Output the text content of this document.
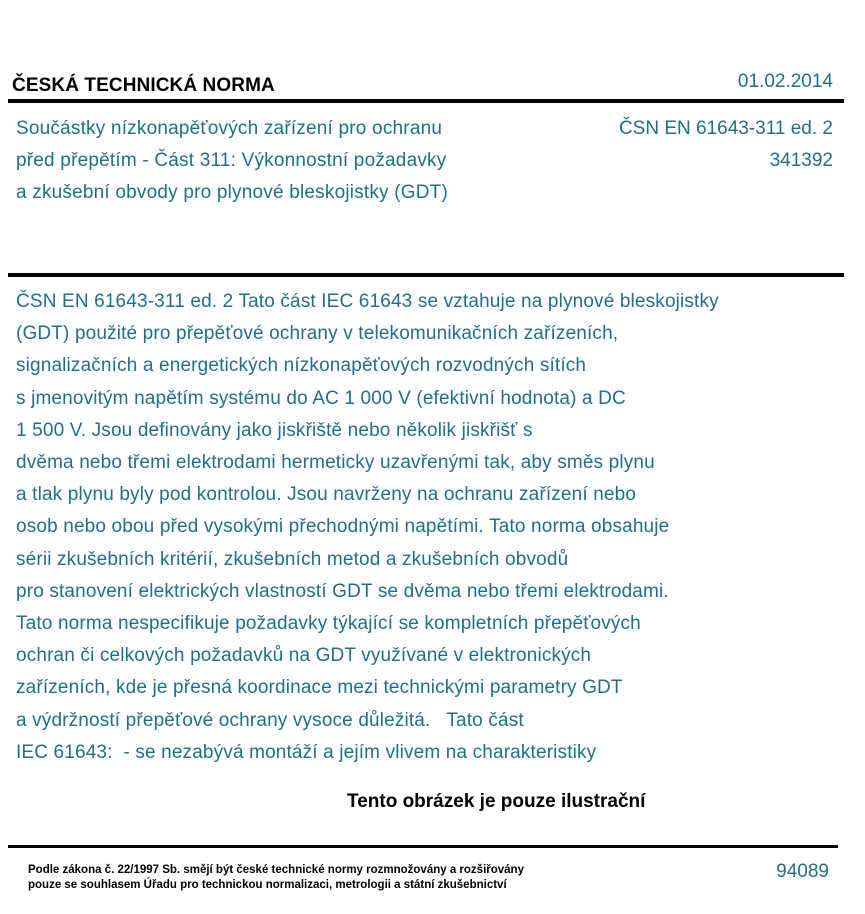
ČESKÁ TECHNICKÁ NORMA	01.02.2014
Součástky nízkonapěťových zařízení pro ochranu
před přepětím - Část 311: Výkonnostní požadavky
a zkušební obvody pro plynové bleskojistky (GDT)
ČSN EN 61643-311 ed. 2
341392
ČSN EN 61643-311 ed. 2 Tato část IEC 61643 se vztahuje na plynové bleskojistky
(GDT) použité pro přepěťové ochrany v telekomunikačních zařízeních,
signalizačních a energetických nízkonapěťových rozvodných sítích
s jmenovitým napětím systému do AC 1 000 V (efektivní hodnota) a DC
1 500 V. Jsou definovány jako jiskřiště nebo několik jiskřišť s
dvěma nebo třemi elektrodami hermeticky uzavřenými tak, aby směs plynu
a tlak plynu byly pod kontrolou. Jsou navrženy na ochranu zařízení nebo
osob nebo obou před vysokými přechodnými napětími. Tato norma obsahuje
sérii zkušebních kritérií, zkušebních metod a zkušebních obvodů
pro stanovení elektrických vlastností GDT se dvěma nebo třemi elektrodami.
Tato norma nespecifikuje požadavky týkající se kompletních přepěťových
ochran či celkových požadavků na GDT využívané v elektronických
zařízeních, kde je přesná koordinace mezi technickými parametry GDT
a výdržností přepěťové ochrany vysoce důležitá.   Tato část
IEC 61643:  - se nezabývá montáží a jejím vlivem na charakteristiky
Tento obrázek je pouze ilustrační
Podle zákona č. 22/1997 Sb. smějí být české technické normy rozmnožovány a rozšiřovány
pouze se souhlasem Úřadu pro technickou normalizaci, metrologii a státní zkušebnictví
94089
